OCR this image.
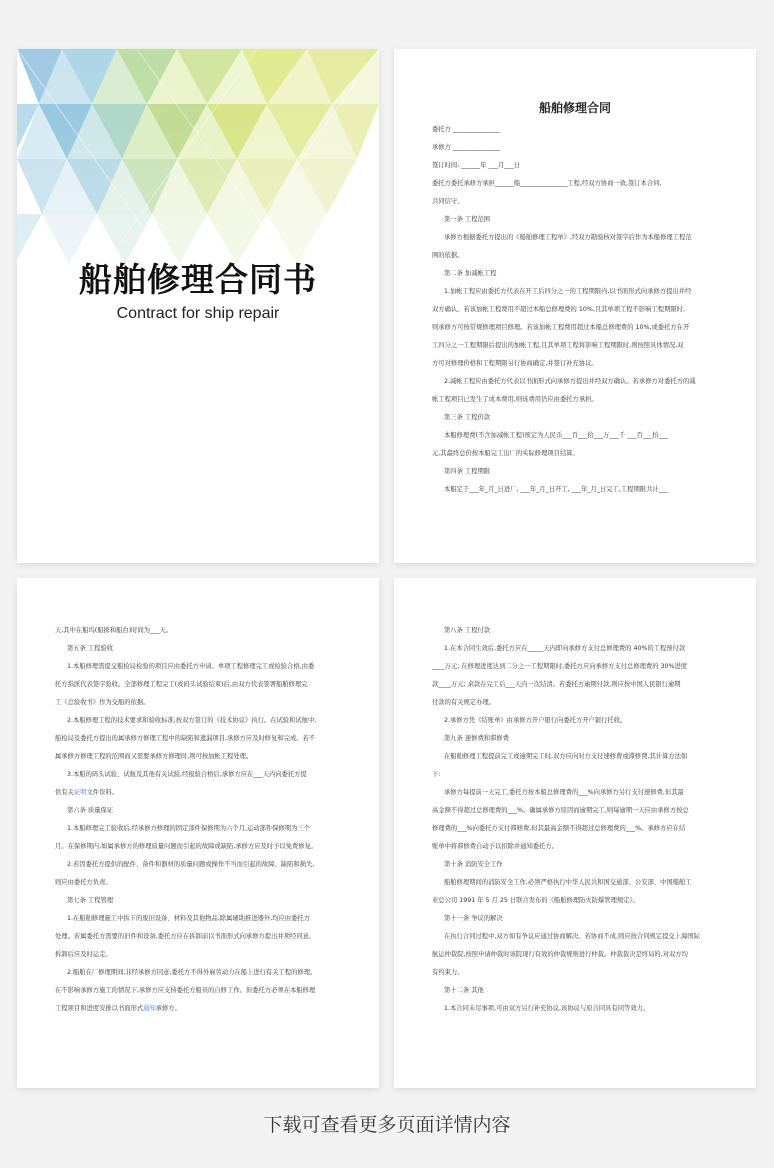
船舶修理合同书
Contract for ship repair
船舶修理合同

委托方 _______________

承修方 _______________

签订时间: ______年 ___月___日

委托方委托承修方承担______船_______________工程,经双方协商一致,签订本合同,

共同信守。

第一条 工程范围

承修方根据委托方提出的《船舶修理工程单》,经双方勘验核对签字后作为本船修理工程范

围的依据。

第二条 加减帐工程

1.加帐工程应由委托方代表在开工后四分之一的工程期限内,以书面形式向承修方提出并经

双方确认。若该加帐工程费用不超过本船总修理费的 10%,且其单项工程不影响工程期限时,

则承修方可按常规修理项目修理。若该加帐工程费用超过本船总修理费的 10%,或委托方在开

工四分之一工程期限后提出的加帐工程,且其单项工程将影响工程期限时,则按照具体情况,双

方可对修理价格和工程期限另行协商确定,并签订补充协议。

2.减帐工程应由委托方代表以书面形式向承修方提出并经双方确认。若承修方对委托方的减

帐工程项目已发生了成本费用,则该费用仍应由委托方承担。

第三条 工程价款

本船修理费(不含加减帐工程)预定为人民币___百___拾___万___千 ___百___拾___

元,其最终总价按本船完工出厂的实际修理项目结算。

第四条 工程期限

本船定于___年_月_日进厂, ___年_月_日开工, ___年_月_日完工,工程期限共计___

天,其中在船坞(船排和船台)时间为___天。

第五条 工程验收

1.本船修理需提交船检局检验的项目应由委托方申请。单项工程修理完工或检验合格,由委

托方指派代表签字验收。全部修理工程完工(或码头试验结束)后,由双方代表签署船舶修理完

工《总验收书》作为交船的依据。

2.本船修理工程的技术要求和验收标准,按双方签订的《技术协议》执行。在试验和试航中,

船检局及委托方提出的属承修方修理工程中的缺陷和遗漏项目,承修方应及时修复和完成。若不

属承修方修理工程的范围而又需要承修方修理时,则可按加帐工程处理。

3.本船的码头试验、试航及其他有关试验,经报验合格后,承修方应在___天内向委托方提

供有关证明文件资料。

第六条 质量保证

1.本船修理完工验收后,经承修方修理的固定部件保修期为六个月,运动部件保修期为三个

月。在保修期内,如属承修方的修理质量问题而引起的故障或缺陷,承修方应及时予以免费修复。

2.若因委托方提供的配件、备件和器材的质量问题或操作不当而引起的故障、缺陷和损失,

则应由委托方负责。

第七条 工程管理

1.在船舶修理施工中拆下的废旧设备、材料及其他物品,除属辅助推进器外,均应由委托方

处理。若属委托方需要的旧件和设备,委托方应在拆卸前以书面形式向承修方提出并须经同意,

拆卸后应及时运走。

2.船舶在厂修理期间,非经承修方同意,委托方不得外雇劳动力在船上进行有关工程的修理。

在不影响承修方施工的情况下,承修方应支持委托方船员的自修工作。但委托方必须在本船修理

工程项目和进度安排以书面形式通知承修方。

第八条 工程付款

1.在本合同生效后,委托方应在_____天内即向承修方支付总修理费的 40%的工程预付款

____万元; 在修理进度达到二分之一工程期限时,委托方应向承修方支付总修理费的 30%进度

款____万元; 余款在完工后___天内一次结清。若委托方逾期付款,则应按中国人民银行逾期

付款的有关规定办理。

2.承修方凭《结账单》由承修方开户银行向委托方开户银行托收。

第九条 速修费和滞修费

在船舶修理工程提前完工或逾期完工时,双方应向对方支付速修费或滞修费,其计算方法如

下:

承修方每提前一天完工,委托方按本船总修理费的___%向承修方另行支付速修费,但其最

高金额不得超过总修理费的___%。确属承修方原因而逾期完工,则每逾期一天应由承修方按总

修理费的___%向委托方支付滞修费,但其最高金额不得超过总修理费的___%。承修方应在结

账单中将滞修费自动予以扣除并通知委托方。

第十条 消防安全工作

船舶修理期间的消防安全工作,必须严格执行中华人民共和国交通部、公安部、中国船舶工

业总公司 1991 年 5 月 25 日联合发布的《船舶修理防火防爆管理规定》。

第十一条 争议的解决

在执行合同过程中,双方如有争议应通过协商解决。若协商不成,则应按合同规定提交上海国际

航运仲裁院,按照申请仲裁时该院现行有效的仲裁规则进行仲裁。仲裁裁决是终局的,对双方均

有约束力。

第十二条 其他

1.本合同未尽事项,可由双方另行补充协议,该协议与原合同具有同等效力。

下载可查看更多页面详情内容
